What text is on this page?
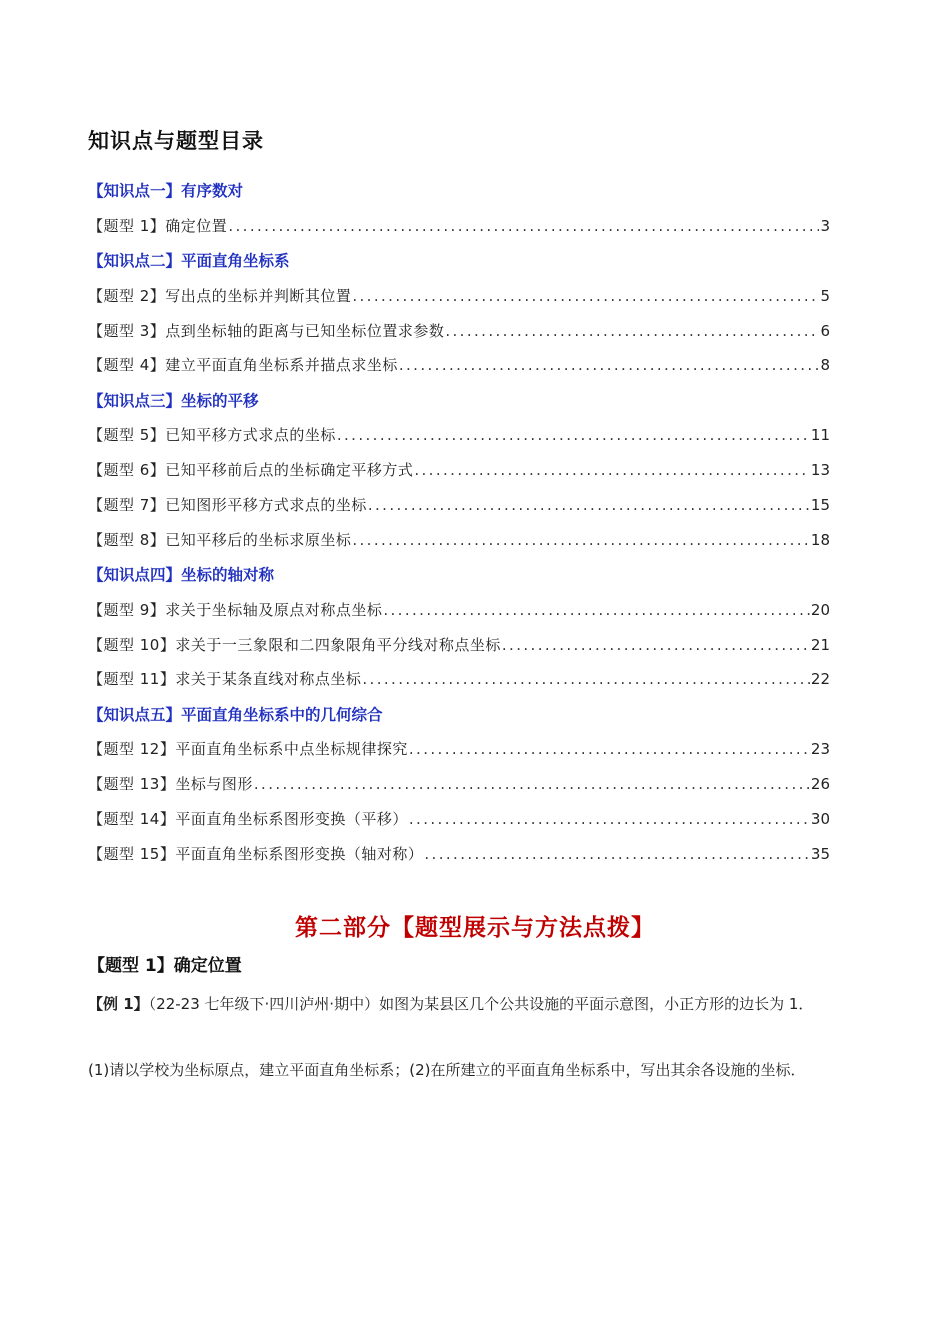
知识点与题型目录
【知识点一】有序数对
【题型 1】确定位置 .....	3
【知识点二】平面直角坐标系
【题型 2】写出点的坐标并判断其位置 .....	5
【题型 3】点到坐标轴的距离与已知坐标位置求参数 .....	6
【题型 4】建立平面直角坐标系并描点求坐标 .....	8
【知识点三】坐标的平移
【题型 5】已知平移方式求点的坐标 .....	11
【题型 6】已知平移前后点的坐标确定平移方式 .....	13
【题型 7】已知图形平移方式求点的坐标 .....	15
【题型 8】已知平移后的坐标求原坐标 .....	18
【知识点四】坐标的轴对称
【题型 9】求关于坐标轴及原点对称点坐标 .....	20
【题型 10】求关于一三象限和二四象限角平分线对称点坐标 .....	21
【题型 11】求关于某条直线对称点坐标 .....	22
【知识点五】平面直角坐标系中的几何综合
【题型 12】平面直角坐标系中点坐标规律探究 .....	23
【题型 13】坐标与图形 .....	26
【题型 14】平面直角坐标系图形变换（平移） .....	30
【题型 15】平面直角坐标系图形变换（轴对称） .....	35
第二部分【题型展示与方法点拨】
【题型 1】确定位置
【例 1】（22-23 七年级下·四川泸州·期中）如图为某县区几个公共设施的平面示意图，小正方形的边长为 1．
(1)请以学校为坐标原点，建立平面直角坐标系；(2)在所建立的平面直角坐标系中，写出其余各设施的坐标．
